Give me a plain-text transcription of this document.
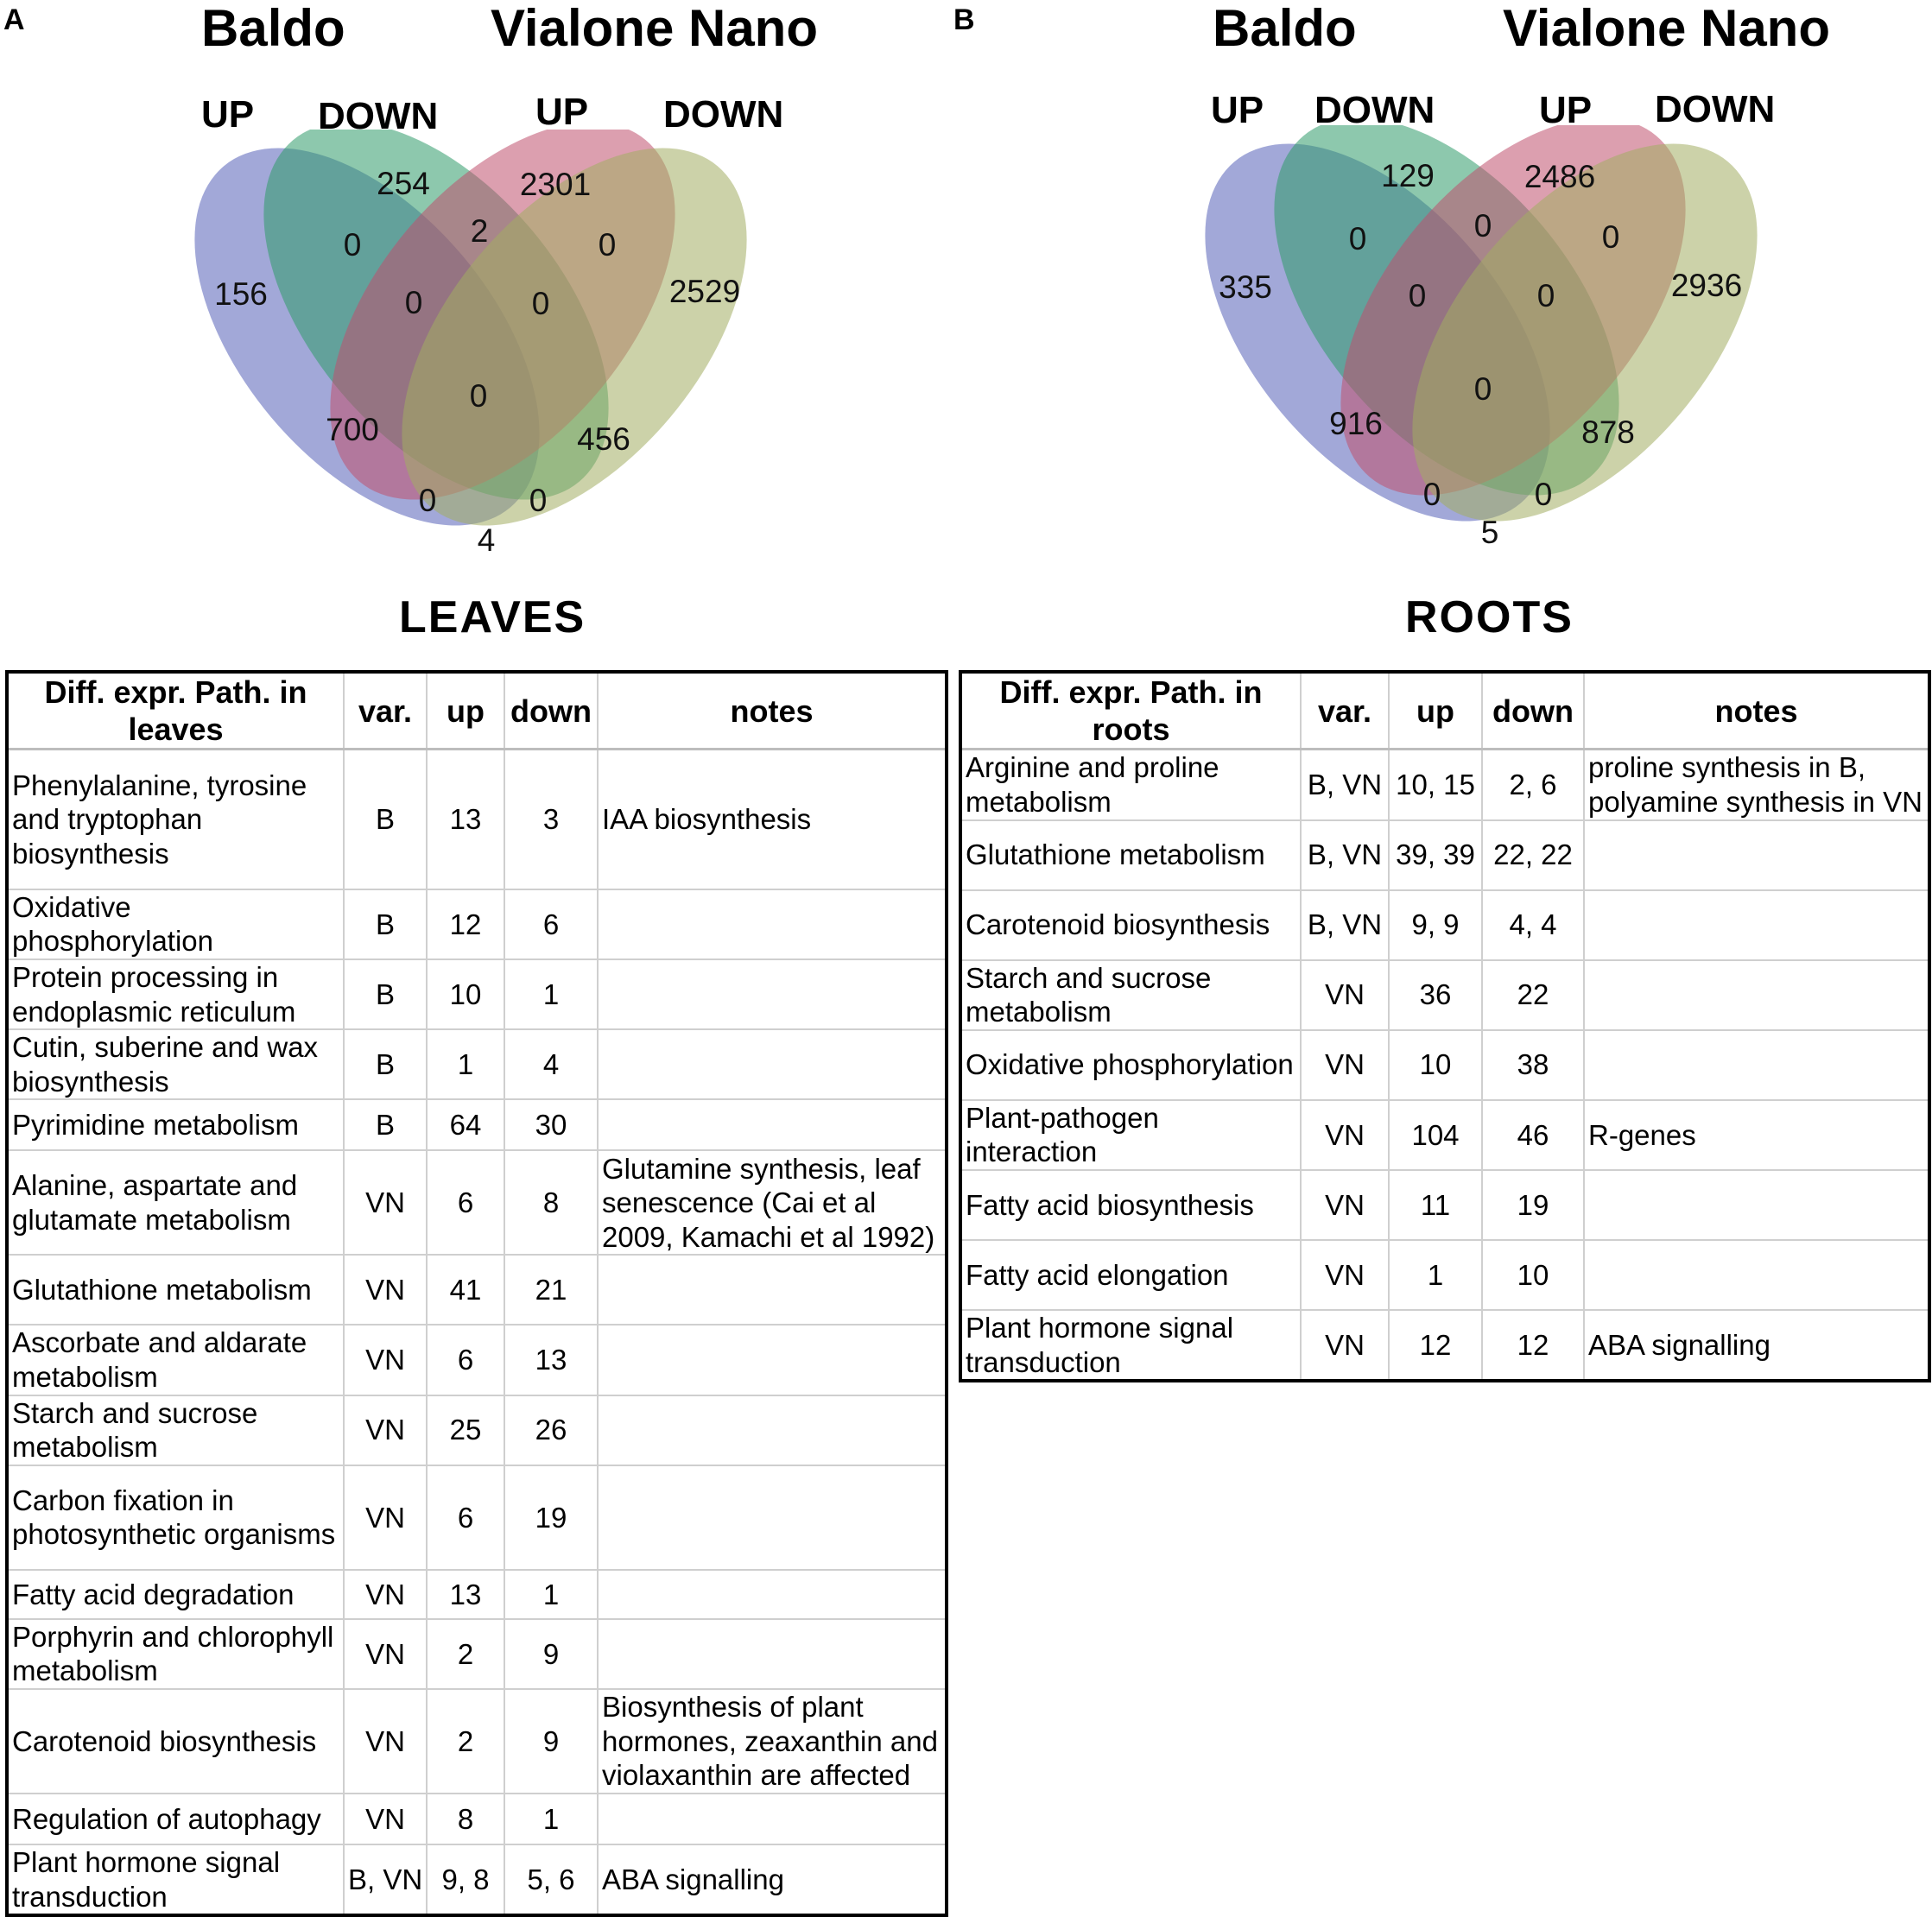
A	Baldo	Vialone Nano
UP DOWN	UP DOWN
156
254	2301
2529
0	2	0
0	0
0
700	456
0	0
4
LEAVES
Diff. expr. Path. in leaves	var.	up	down	notes
Phenylalanine, tyrosine and tryptophan biosynthesis	B	13	3	IAA biosynthesis
Oxidative phosphorylation	B	12	6	
Protein processing in endoplasmic reticulum	B	10	1	
Cutin, suberine and wax biosynthesis	B	1	4	
Pyrimidine metabolism	B	64	30	
Alanine, aspartate and glutamate metabolism	VN	6	8	Glutamine synthesis, leaf senescence (Cai et al 2009, Kamachi et al 1992)
Glutathione metabolism	VN	41	21	
Ascorbate and aldarate metabolism	VN	6	13	
Starch and sucrose metabolism	VN	25	26	
Carbon fixation in photosynthetic organisms	VN	6	19	
Fatty acid degradation	VN	13	1	
Porphyrin and chlorophyll metabolism	VN	2	9	
Carotenoid biosynthesis	VN	2	9	Biosynthesis of plant hormones, zeaxanthin and violaxanthin are affected
Regulation of autophagy	VN	8	1	
Plant hormone signal transduction	B, VN	9, 8	5, 6	ABA signalling
B	Baldo	Vialone Nano
UP DOWN	UP DOWN
335
129	2486
2936
0	0	0
0	0
0
916	878
0	0
5
ROOTS
Diff. expr. Path. in roots	var.	up	down	notes
Arginine and proline metabolism	B, VN	10, 15	2, 6	proline synthesis in B, polyamine synthesis in VN
Glutathione metabolism	B, VN	39, 39	22, 22	
Carotenoid biosynthesis	B, VN	9, 9	4, 4	
Starch and sucrose metabolism	VN	36	22	
Oxidative phosphorylation	VN	10	38	
Plant-pathogen interaction	VN	104	46	R-genes
Fatty acid biosynthesis	VN	11	19	
Fatty acid elongation	VN	1	10	
Plant hormone signal transduction	VN	12	12	ABA signalling
